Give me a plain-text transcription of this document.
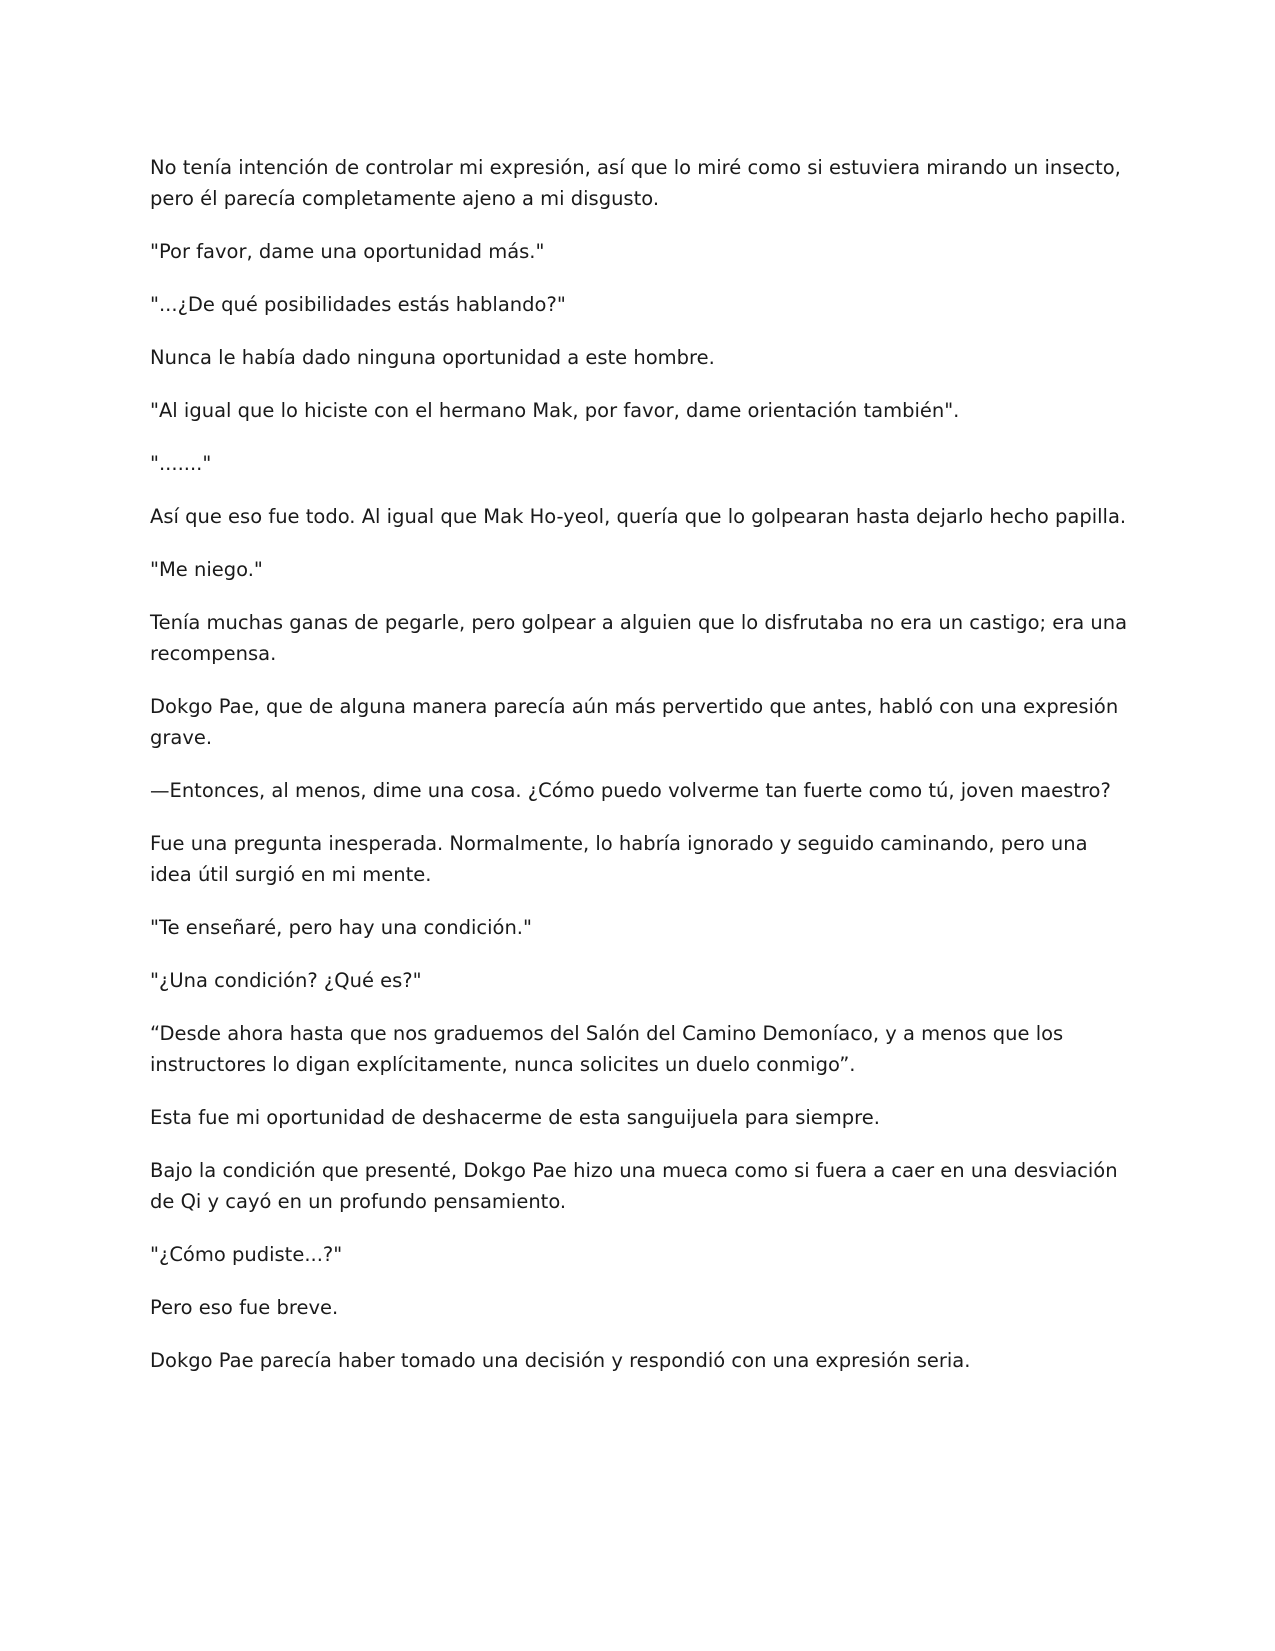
No tenía intención de controlar mi expresión, así que lo miré como si estuviera mirando un insecto, pero él parecía completamente ajeno a mi disgusto.

"Por favor, dame una oportunidad más."

"...¿De qué posibilidades estás hablando?"

Nunca le había dado ninguna oportunidad a este hombre.

"Al igual que lo hiciste con el hermano Mak, por favor, dame orientación también".

"......."

Así que eso fue todo. Al igual que Mak Ho-yeol, quería que lo golpearan hasta dejarlo hecho papilla.

"Me niego."

Tenía muchas ganas de pegarle, pero golpear a alguien que lo disfrutaba no era un castigo; era una recompensa.

Dokgo Pae, que de alguna manera parecía aún más pervertido que antes, habló con una expresión grave.

—Entonces, al menos, dime una cosa. ¿Cómo puedo volverme tan fuerte como tú, joven maestro?

Fue una pregunta inesperada. Normalmente, lo habría ignorado y seguido caminando, pero una idea útil surgió en mi mente.

"Te enseñaré, pero hay una condición."

"¿Una condición? ¿Qué es?"

“Desde ahora hasta que nos graduemos del Salón del Camino Demoníaco, y a menos que los instructores lo digan explícitamente, nunca solicites un duelo conmigo”.

Esta fue mi oportunidad de deshacerme de esta sanguijuela para siempre.

Bajo la condición que presenté, Dokgo Pae hizo una mueca como si fuera a caer en una desviación de Qi y cayó en un profundo pensamiento.

"¿Cómo pudiste...?"

Pero eso fue breve.

Dokgo Pae parecía haber tomado una decisión y respondió con una expresión seria.
